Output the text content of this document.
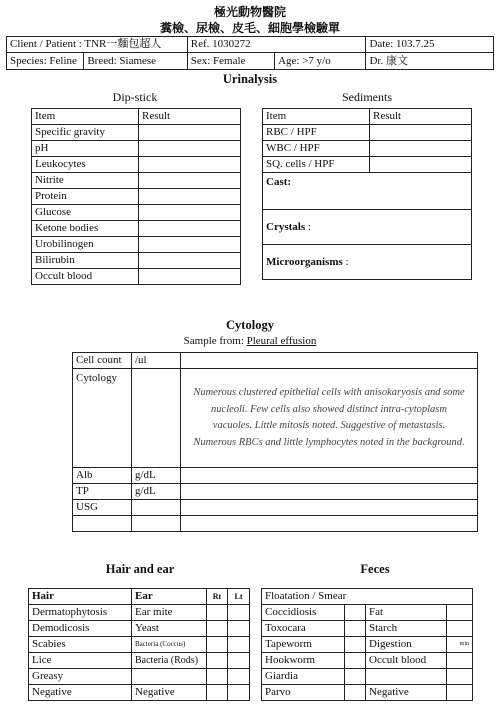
極光動物醫院
糞檢、尿檢、皮毛、細胞學檢驗單
Client / Patient : TNR一麵包超人		Ref. 1030272		Date: 103.7.25
Species: Feline	Breed: Siamese	Sex: Female	Age: >7 y/o	Dr. 康文
Urinalysis
Dip-stick	Sediments
Item	Result
Specific gravity	
pH	
Leukocytes	
Nitrite	
Protein	
Glucose	
Ketone bodies	
Urobilinogen	
Bilirubin	
Occult blood	
Item	Result
RBC / HPF	
WBC / HPF	
SQ. cells / HPF	
Cast:	
Crystals :	
Microorganisms :	
Cytology
Sample from: Pleural effusion
Cell count	/ul	
Cytology		Numerous clustered epithelial cells with anisokaryosis and some nucleoli. Few cells also showed distinct intra-cytoplasm vacuoles. Little mitosis noted. Suggestive of metastasis. Numerous RBCs and little lymphocytes noted in the background.
Alb	g/dL	
TP	g/dL	
USG		

Hair and ear	Feces
Hair	Ear	Rt	Lt
Dermatophytosis	Ear mite		
Demodicosis	Yeast		
Scabies	Bacteria (Coccus)		
Lice	Bacteria (Rods)		
Greasy			
Negative	Negative		
Floatation / Smear			
Coccidiosis		Fat	
Toxocara		Starch	
Tapeworm		Digestion	min
Hookworm		Occult blood	
Giardia			
Parvo		Negative	
